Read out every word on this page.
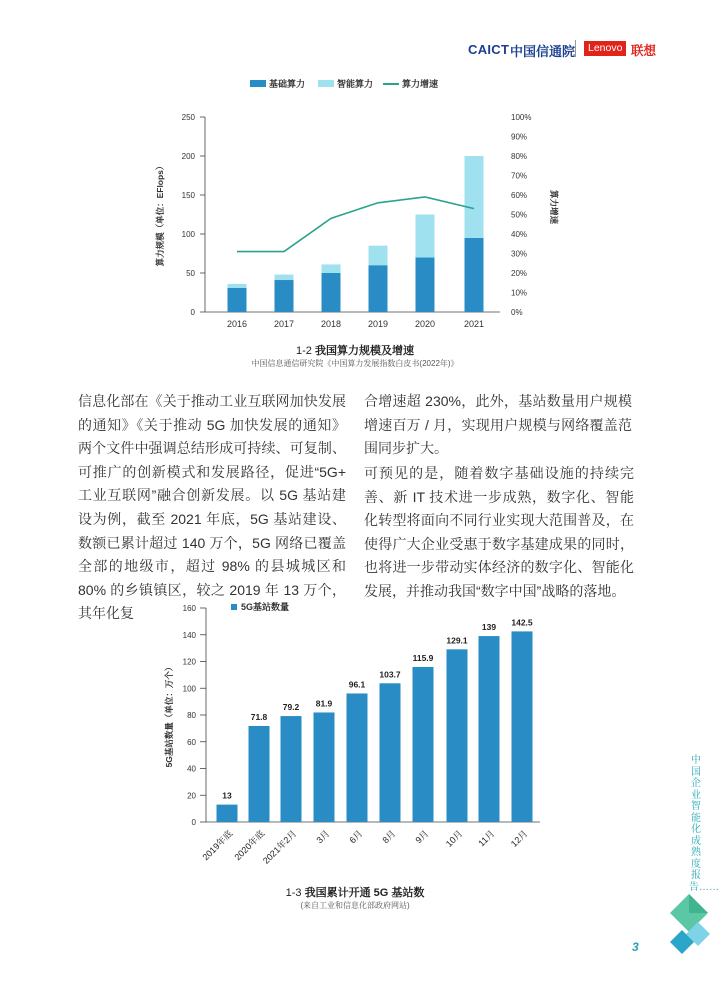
CAICT 中国信通院	Lenovo 联想
基础算力	智能算力	算力增速
0
50
100
150
200
250
0%
10%
20%
30%
40%
50%
60%
70%
80%
90%
100%
算力规模（单位：EFlops）	算力增速
2016	2017	2018	2019	2020	2021
1-2 我国算力规模及增速
中国信息通信研究院《中国算力发展指数白皮书(2022年)》
信息化部在《关于推动工业互联网加快发展的通知》《关于推动 5G 加快发展的通知》两个文件中强调总结形成可持续、可复制、可推广的创新模式和发展路径，促进“5G+ 工业互联网”融合创新发展。以 5G 基站建设为例，截至 2021 年底，5G 基站建设、数额已累计超过 140 万个，5G 网络已覆盖全部的地级市，超过 98% 的县城城区和 80% 的乡镇镇区，较之 2019 年 13 万个，其年化复
合增速超 230%，此外，基站数量用户规模增速百万 / 月，实现用户规模与网络覆盖范围同步扩大。
可预见的是，随着数字基础设施的持续完善、新 IT 技术进一步成熟，数字化、智能化转型将面向不同行业实现大范围普及，在使得广大企业受惠于数字基建成果的同时，也将进一步带动实体经济的数字化、智能化发展，并推动我国“数字中国”战略的落地。
0
20
40
60
80
100
120
140
160
5G基站数量（单位：万个）
5G基站数量
13
2019年底
71.8
2020年底
79.2
2021年2月
81.9
3月
96.1
6月
103.7
8月
115.9
9月
129.1
10月
139
11月
142.5
12月
1-3 我国累计开通 5G 基站数
(来自工业和信息化部政府网站)
中国企业智能化成熟度报告……
3
